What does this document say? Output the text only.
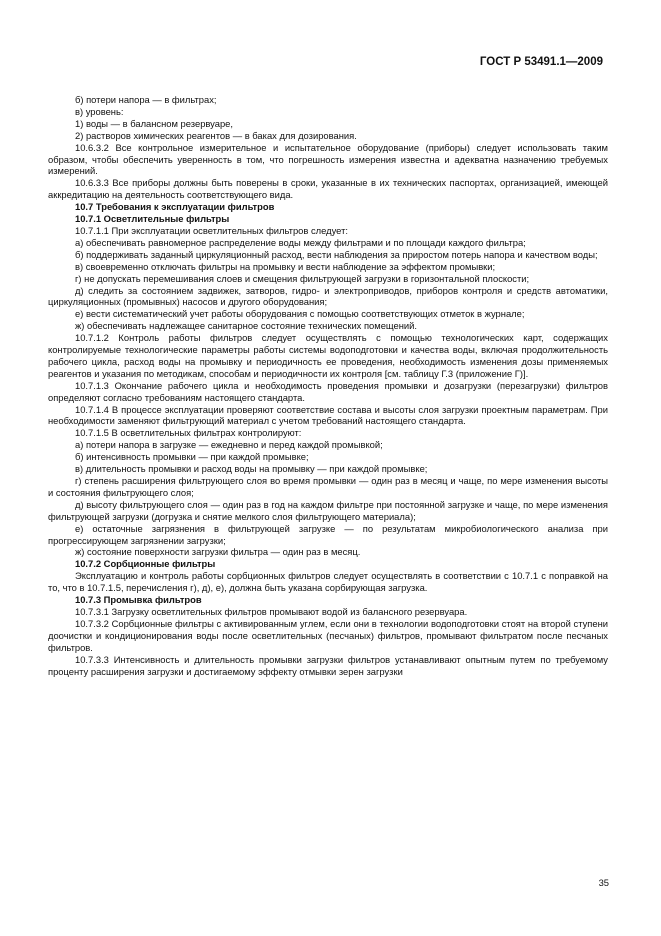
ГОСТ Р 53491.1—2009

б) потери напора — в фильтрах;

в) уровень:

1) воды — в балансном резервуаре,

2) растворов химических реагентов — в баках для дозирования.

10.6.3.2 Все контрольное измерительное и испытательное оборудование (приборы) следует использовать таким образом, чтобы обеспечить уверенность в том, что погрешность измерения известна и адекватна назначению требуемых измерений.

10.6.3.3 Все приборы должны быть поверены в сроки, указанные в их технических паспортах, организацией, имеющей аккредитацию на деятельность соответствующего вида.

10.7 Требования к эксплуатации фильтров

10.7.1 Осветлительные фильтры

10.7.1.1 При эксплуатации осветлительных фильтров следует:

а) обеспечивать равномерное распределение воды между фильтрами и по площади каждого фильтра;

б) поддерживать заданный циркуляционный расход, вести наблюдения за приростом потерь напора и качеством воды;

в) своевременно отключать фильтры на промывку и вести наблюдение за эффектом промывки;

г) не допускать перемешивания слоев и смещения фильтрующей загрузки в горизонтальной плоскости;

д) следить за состоянием задвижек, затворов, гидро- и электроприводов, приборов контроля и средств автоматики, циркуляционных (промывных) насосов и другого оборудования;

е) вести систематический учет работы оборудования с помощью соответствующих отметок в журнале;

ж) обеспечивать надлежащее санитарное состояние технических помещений.

10.7.1.2 Контроль работы фильтров следует осуществлять с помощью технологических карт, содержащих контролируемые технологические параметры работы системы водоподготовки и качества воды, включая продолжительность рабочего цикла, расход воды на промывку и периодичность ее проведения, необходимость изменения дозы применяемых реагентов и указания по методикам, способам и периодичности их контроля [см. таблицу Г.3 (приложение Г)].

10.7.1.3 Окончание рабочего цикла и необходимость проведения промывки и дозагрузки (перезагрузки) фильтров определяют согласно требованиям настоящего стандарта.

10.7.1.4 В процессе эксплуатации проверяют соответствие состава и высоты слоя загрузки проектным параметрам. При необходимости заменяют фильтрующий материал с учетом требований настоящего стандарта.

10.7.1.5 В осветлительных фильтрах контролируют:

а) потери напора в загрузке — ежедневно и перед каждой промывкой;

б) интенсивность промывки — при каждой промывке;

в) длительность промывки и расход воды на промывку — при каждой промывке;

г) степень расширения фильтрующего слоя во время промывки — один раз в месяц и чаще, по мере изменения высоты и состояния фильтрующего слоя;

д) высоту фильтрующего слоя — один раз в год на каждом фильтре при постоянной загрузке и чаще, по мере изменения фильтрующей загрузки (догрузка и снятие мелкого слоя фильтрующего материала);

е) остаточные загрязнения в фильтрующей загрузке — по результатам микробиологического анализа при прогрессирующем загрязнении загрузки;

ж) состояние поверхности загрузки фильтра — один раз в месяц.

10.7.2 Сорбционные фильтры

Эксплуатацию и контроль работы сорбционных фильтров следует осуществлять в соответствии с 10.7.1 с поправкой на то, что в 10.7.1.5, перечисления г), д), е), должна быть указана сорбирующая загрузка.

10.7.3 Промывка фильтров

10.7.3.1 Загрузку осветлительных фильтров промывают водой из балансного резервуара.

10.7.3.2 Сорбционные фильтры с активированным углем, если они в технологии водоподготовки стоят на второй ступени доочистки и кондиционирования воды после осветлительных (песчаных) фильтров, промывают фильтратом после песчаных фильтров.

10.7.3.3 Интенсивность и длительность промывки загрузки фильтров устанавливают опытным путем по требуемому проценту расширения загрузки и достигаемому эффекту отмывки зерен загрузки

35
